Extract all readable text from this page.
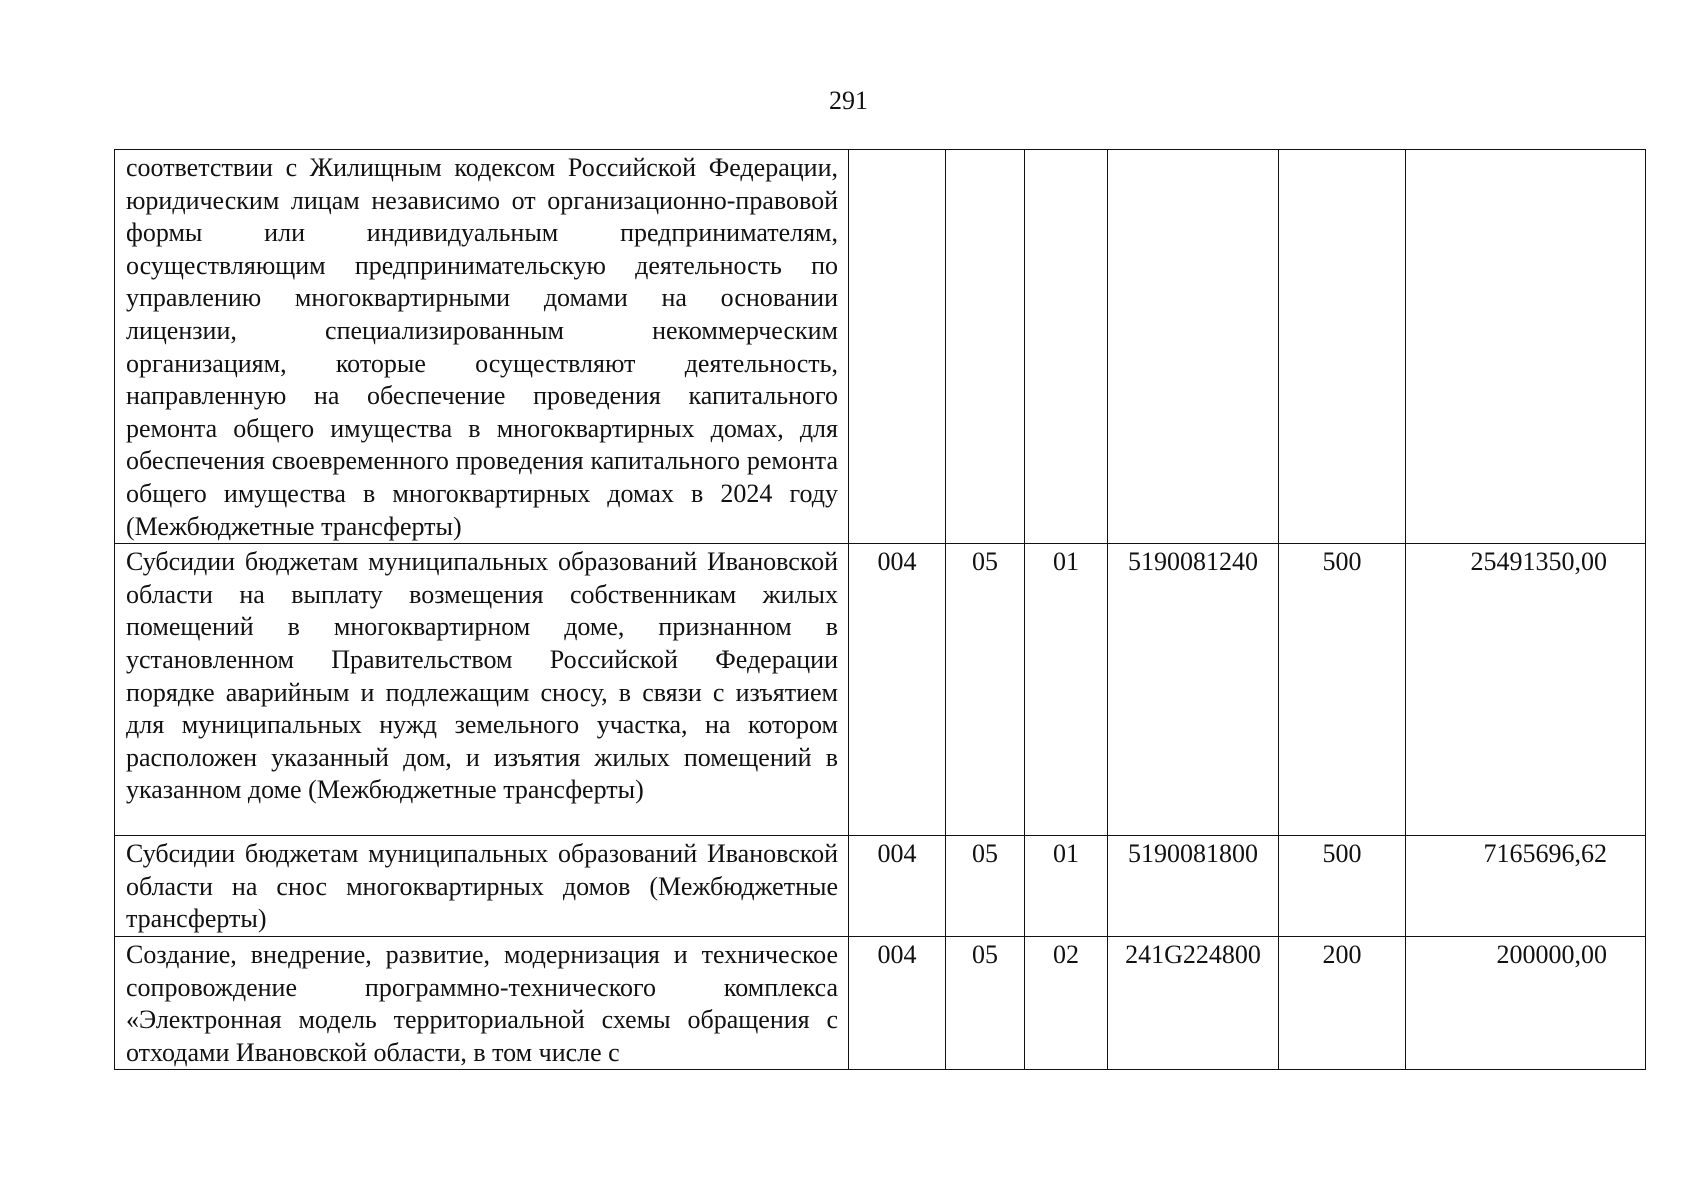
291
соответствии с Жилищным кодексом Российской Федерации, юридическим лицам независимо от организационно-правовой формы или индивидуальным предпринимателям, осуществляющим предпринимательскую деятельность по управлению многоквартирными домами на основании лицензии, специализированным некоммерческим организациям, которые осуществляют деятельность, направленную на обеспечение проведения капитального ремонта общего имущества в многоквартирных домах, для обеспечения своевременного проведения капитального ремонта общего имущества в многоквартирных домах в 2024 году (Межбюджетные трансферты)						

Субсидии бюджетам муниципальных образований Ивановской области на выплату возмещения собственникам жилых помещений в многоквартирном доме, признанном в установленном Правительством Российской Федерации порядке аварийным и подлежащим сносу, в связи с изъятием для муниципальных нужд земельного участка, на котором расположен указанный дом, и изъятия жилых помещений в указанном доме (Межбюджетные трансферты)	004	05	01	5190081240	500	25491350,00

Субсидии бюджетам муниципальных образований Ивановской области на снос многоквартирных домов (Межбюджетные трансферты)	004	05	01	5190081800	500	7165696,62

Создание, внедрение, развитие, модернизация и техническое сопровождение программно-технического комплекса «Электронная модель территориальной схемы обращения с отходами Ивановской области, в том числе с	004	05	02	241G224800	200	200000,00
